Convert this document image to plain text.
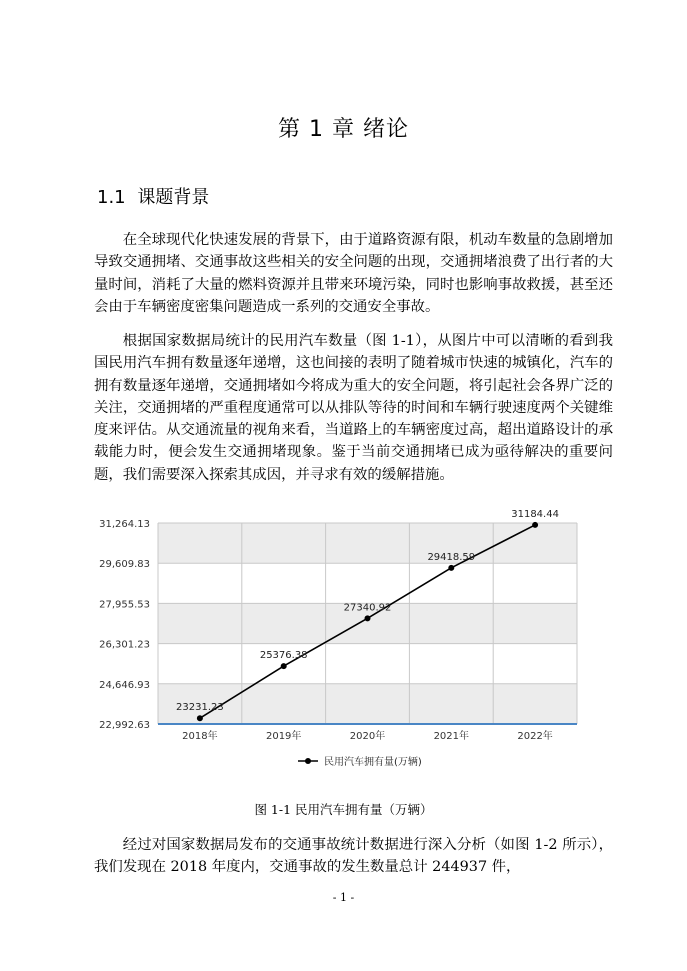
第 1 章 绪论
1.1 课题背景

在全球现代化快速发展的背景下，由于道路资源有限，机动车数量的急剧增加导致交通拥堵、交通事故这些相关的安全问题的出现，交通拥堵浪费了出行者的大量时间，消耗了大量的燃料资源并且带来环境污染，同时也影响事故救援，甚至还会由于车辆密度密集问题造成一系列的交通安全事故。

根据国家数据局统计的民用汽车数量（图 1-1），从图片中可以清晰的看到我国民用汽车拥有数量逐年递增，这也间接的表明了随着城市快速的城镇化，汽车的拥有数量逐年递增，交通拥堵如今将成为重大的安全问题，将引起社会各界广泛的关注，交通拥堵的严重程度通常可以从排队等待的时间和车辆行驶速度两个关键维度来评估。从交通流量的视角来看，当道路上的车辆密度过高，超出道路设计的承载能力时，便会发生交通拥堵现象。鉴于当前交通拥堵已成为亟待解决的重要问题，我们需要深入探索其成因，并寻求有效的缓解措施。

22,992.63
24,646.93
26,301.23
27,955.53
29,609.83
31,264.13
2018年	2019年	2020年	2021年	2022年
23231.23
25376.38
27340.92
29418.59
31184.44
民用汽车拥有量(万辆)
图 1-1 民用汽车拥有量（万辆）

经过对国家数据局发布的交通事故统计数据进行深入分析（如图 1-2 所示），我们发现在 2018 年度内，交通事故的发生数量总计 244937 件，

- 1 -
